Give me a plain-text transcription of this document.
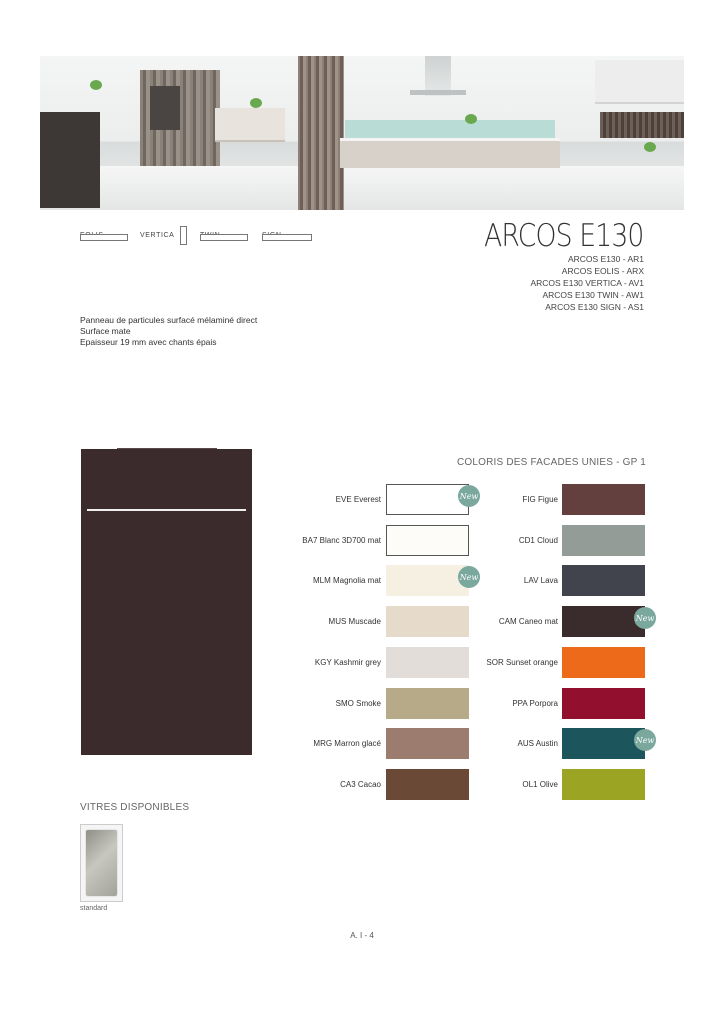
VERTICA	ARCOS E130
ARCOS E130 - AR1
ARCOS EOLIS - ARX
ARCOS E130 VERTICA - AV1
ARCOS E130 TWIN - AW1
ARCOS E130 SIGN - AS1
Panneau de particules surfacé mélaminé direct
Surface mate
Epaisseur 19 mm avec chants épais
COLORIS DES FACADES UNIES - GP 1
EVE Everest	New
BA7 Blanc 3D700 mat
MLM Magnolia mat	New
MUS Muscade
KGY Kashmir grey
SMO Smoke
MRG Marron glacé
CA3 Cacao
FIG Figue
CD1 Cloud
LAV Lava
CAM Caneo mat	New
SOR Sunset orange
PPA Porpora
AUS Austin	New
OL1 Olive
VITRES DISPONIBLES
standard
A. I - 4
